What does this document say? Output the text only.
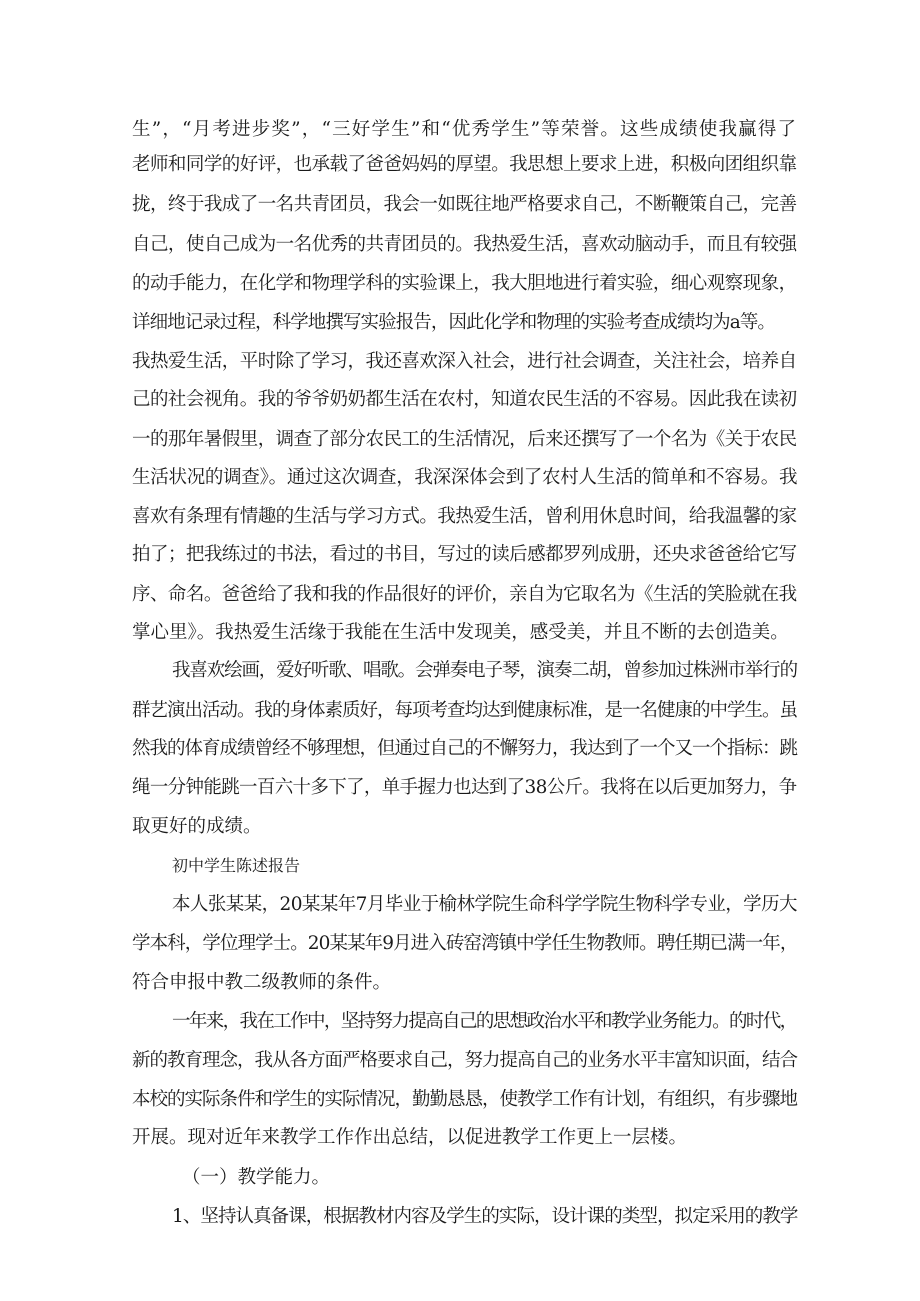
生”，“月考进步奖”，“三好学生”和“优秀学生”等荣誉。这些成绩使我赢得了
老师和同学的好评，也承载了爸爸妈妈的厚望。我思想上要求上进，积极向团组织靠
拢，终于我成了一名共青团员，我会一如既往地严格要求自己，不断鞭策自己，完善
自己，使自己成为一名优秀的共青团员的。我热爱生活，喜欢动脑动手，而且有较强
的动手能力，在化学和物理学科的实验课上，我大胆地进行着实验，细心观察现象，
详细地记录过程，科学地撰写实验报告，因此化学和物理的实验考查成绩均为a等。
我热爱生活，平时除了学习，我还喜欢深入社会，进行社会调查，关注社会，培养自
己的社会视角。我的爷爷奶奶都生活在农村，知道农民生活的不容易。因此我在读初
一的那年暑假里，调查了部分农民工的生活情况，后来还撰写了一个名为《关于农民
生活状况的调查》。通过这次调查，我深深体会到了农村人生活的简单和不容易。我
喜欢有条理有情趣的生活与学习方式。我热爱生活，曾利用休息时间，给我温馨的家
拍了；把我练过的书法，看过的书目，写过的读后感都罗列成册，还央求爸爸给它写
序、命名。爸爸给了我和我的作品很好的评价，亲自为它取名为《生活的笑脸就在我
掌心里》。我热爱生活缘于我能在生活中发现美，感受美，并且不断的去创造美。
我喜欢绘画，爱好听歌、唱歌。会弹奏电子琴，演奏二胡，曾参加过株洲市举行的
群艺演出活动。我的身体素质好，每项考查均达到健康标准，是一名健康的中学生。虽
然我的体育成绩曾经不够理想，但通过自己的不懈努力，我达到了一个又一个指标：跳
绳一分钟能跳一百六十多下了，单手握力也达到了38公斤。我将在以后更加努力，争
取更好的成绩。
初中学生陈述报告
本人张某某，20某某年7月毕业于榆林学院生命科学学院生物科学专业，学历大
学本科，学位理学士。20某某年9月进入砖窑湾镇中学任生物教师。聘任期已满一年，
符合申报中教二级教师的条件。
一年来，我在工作中，坚持努力提高自己的思想政治水平和教学业务能力。的时代，
新的教育理念，我从各方面严格要求自己，努力提高自己的业务水平丰富知识面，结合
本校的实际条件和学生的实际情况，勤勤恳恳，使教学工作有计划，有组织，有步骤地
开展。现对近年来教学工作作出总结，以促进教学工作更上一层楼。
（一）教学能力。
1、坚持认真备课，根据教材内容及学生的实际，设计课的类型，拟定采用的教学
